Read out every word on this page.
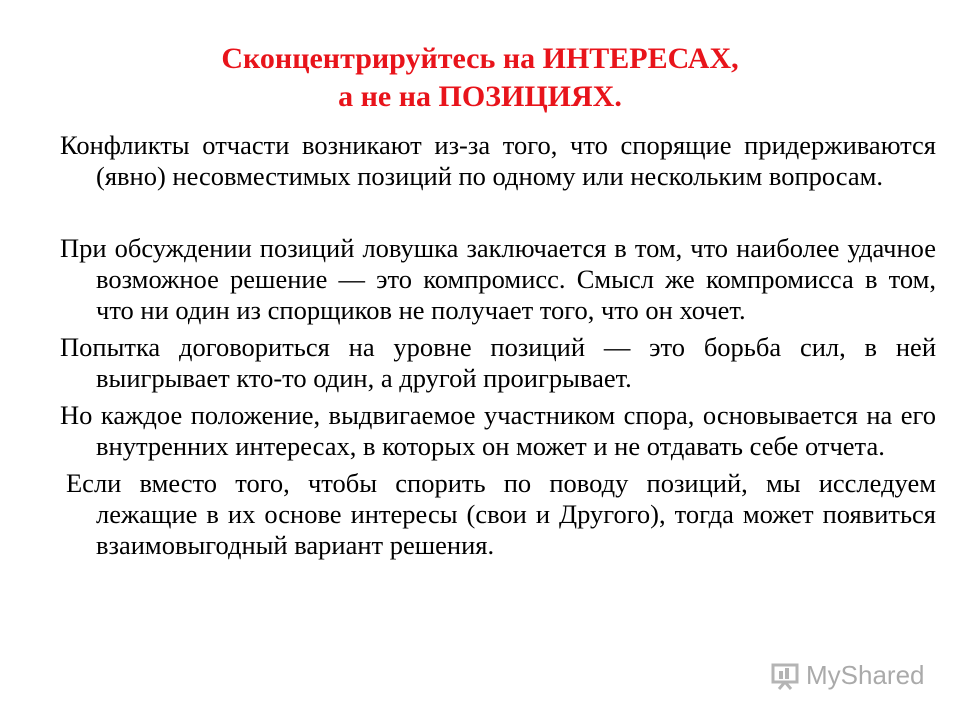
Сконцентрируйтесь на ИНТЕРЕСАХ,
а не на ПОЗИЦИЯХ.

Конфликты отчасти возникают из-за того, что спорящие придерживаются (явно) несовместимых позиций по одному или нескольким вопросам.

При обсуждении позиций ловушка заключается в том, что наиболее удачное возможное решение — это компромисс. Смысл же компромисса в том, что ни один из спорщиков не получает того, что он хочет.

Попытка договориться на уровне позиций — это борьба сил, в ней выигрывает кто-то один, а другой проигрывает.

Но каждое положение, выдвигаемое участником спора, основывается на его внутренних интересах, в которых он может и не отдавать себе отчета.

Если вместо того, чтобы спорить по поводу позиций, мы исследуем лежащие в их основе интересы (свои и Другого), тогда может появиться взаимовыгодный вариант решения.

MyShared
